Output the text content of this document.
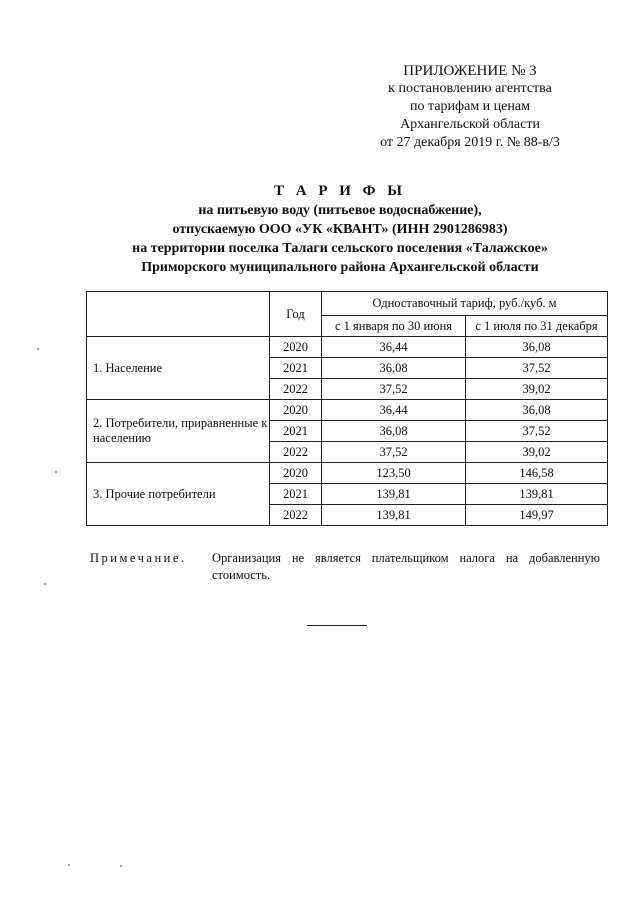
ПРИЛОЖЕНИЕ № 3
к постановлению агентства
по тарифам и ценам
Архангельской области
от 27 декабря 2019 г. № 88-в/3
Т А Р И Ф Ы
на питьевую воду (питьевое водоснабжение),
отпускаемую ООО «УК «КВАНТ» (ИНН 2901286983)
на территории поселка Талаги сельского поселения «Талажское»
Приморского муниципального района Архангельской области
	Год	Одноставочный тариф, руб./куб. м	
		с 1 января по 30 июня	с 1 июля по 31 декабря
1. Население	2020	36,44	36,08
	2021	36,08	37,52
	2022	37,52	39,02
2. Потребители, приравненные к населению	2020	36,44	36,08
	2021	36,08	37,52
	2022	37,52	39,02
3. Прочие потребители	2020	123,50	146,58
	2021	139,81	139,81
	2022	139,81	149,97
Примечание. Организация не является плательщиком налога на добавленную стоимость.
